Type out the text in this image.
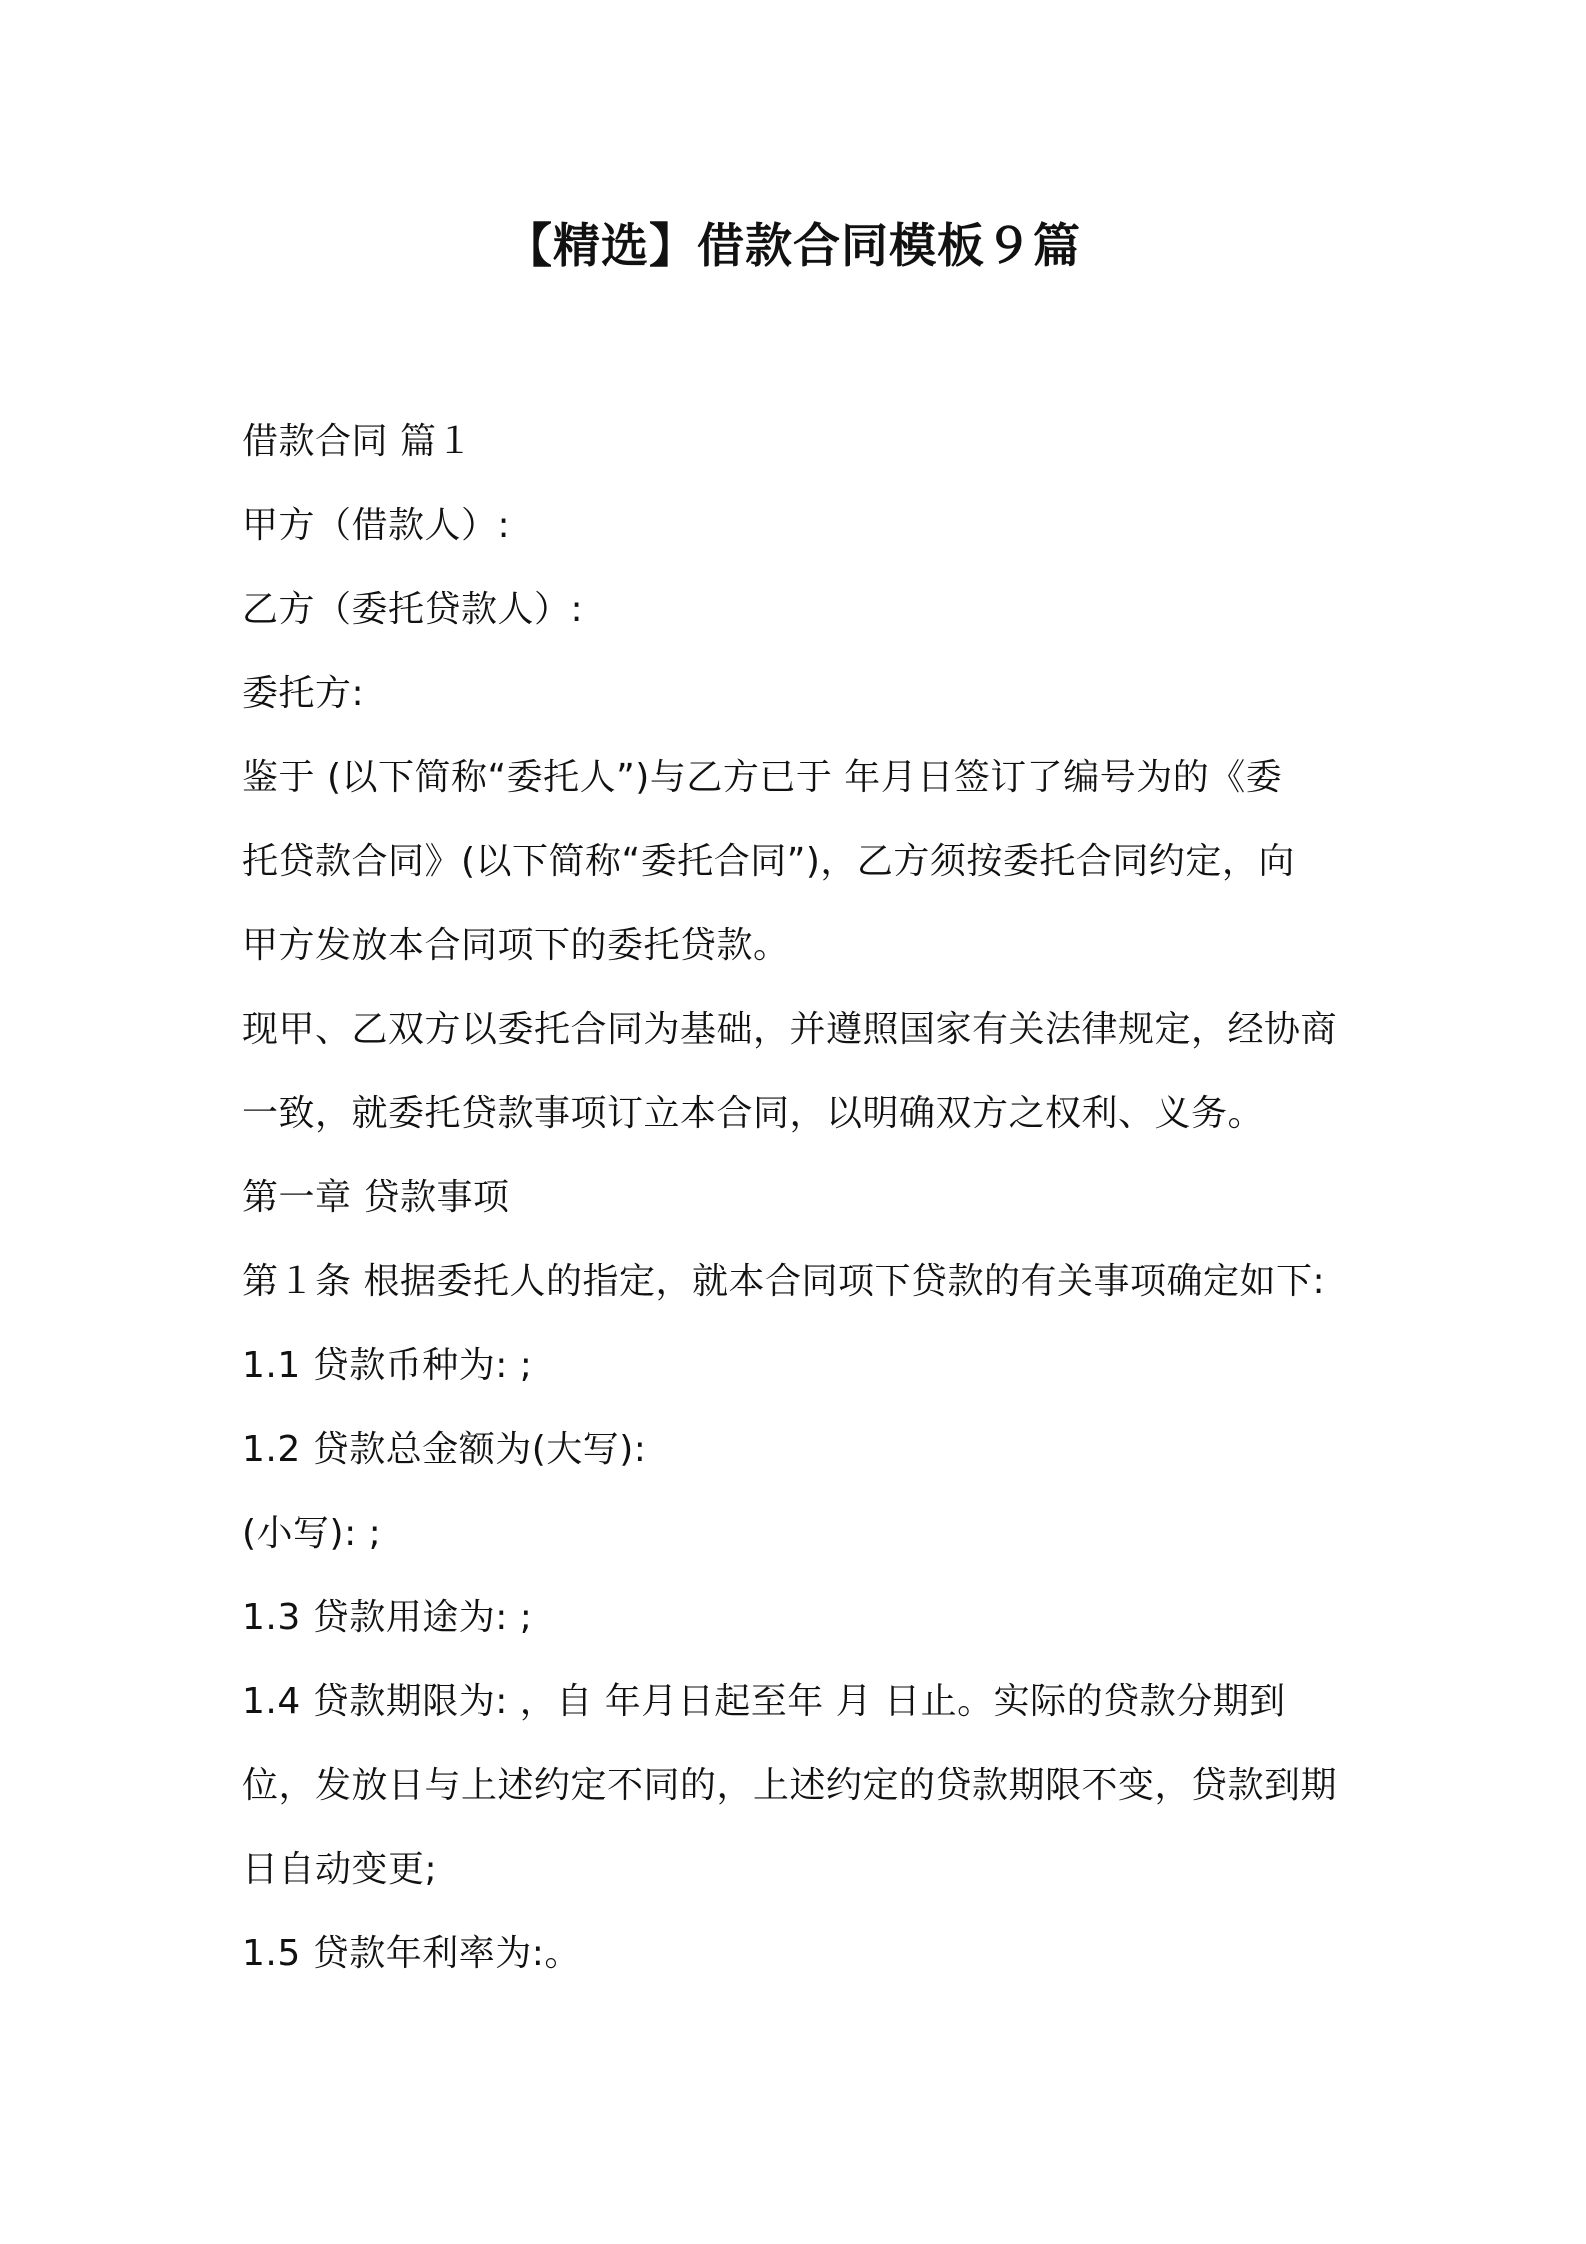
【精选】借款合同模板９篇
借款合同 篇１
甲方（借款人）:
乙方（委托贷款人）:
委托方:
鉴于 (以下简称“委托人”)与乙方已于 年月日签订了编号为的《委
托贷款合同》(以下简称“委托合同”)，乙方须按委托合同约定，向
甲方发放本合同项下的委托贷款。
现甲、乙双方以委托合同为基础，并遵照国家有关法律规定，经协商
一致，就委托贷款事项订立本合同，以明确双方之权利、义务。
第一章 贷款事项
第１条 根据委托人的指定，就本合同项下贷款的有关事项确定如下:
1.1 贷款币种为: ;
1.2 贷款总金额为(大写):
(小写): ;
1.3 贷款用途为: ;
1.4 贷款期限为: ，自 年月日起至年 月 日止。实际的贷款分期到
位，发放日与上述约定不同的，上述约定的贷款期限不变，贷款到期
日自动变更;
1.5 贷款年利率为:。
